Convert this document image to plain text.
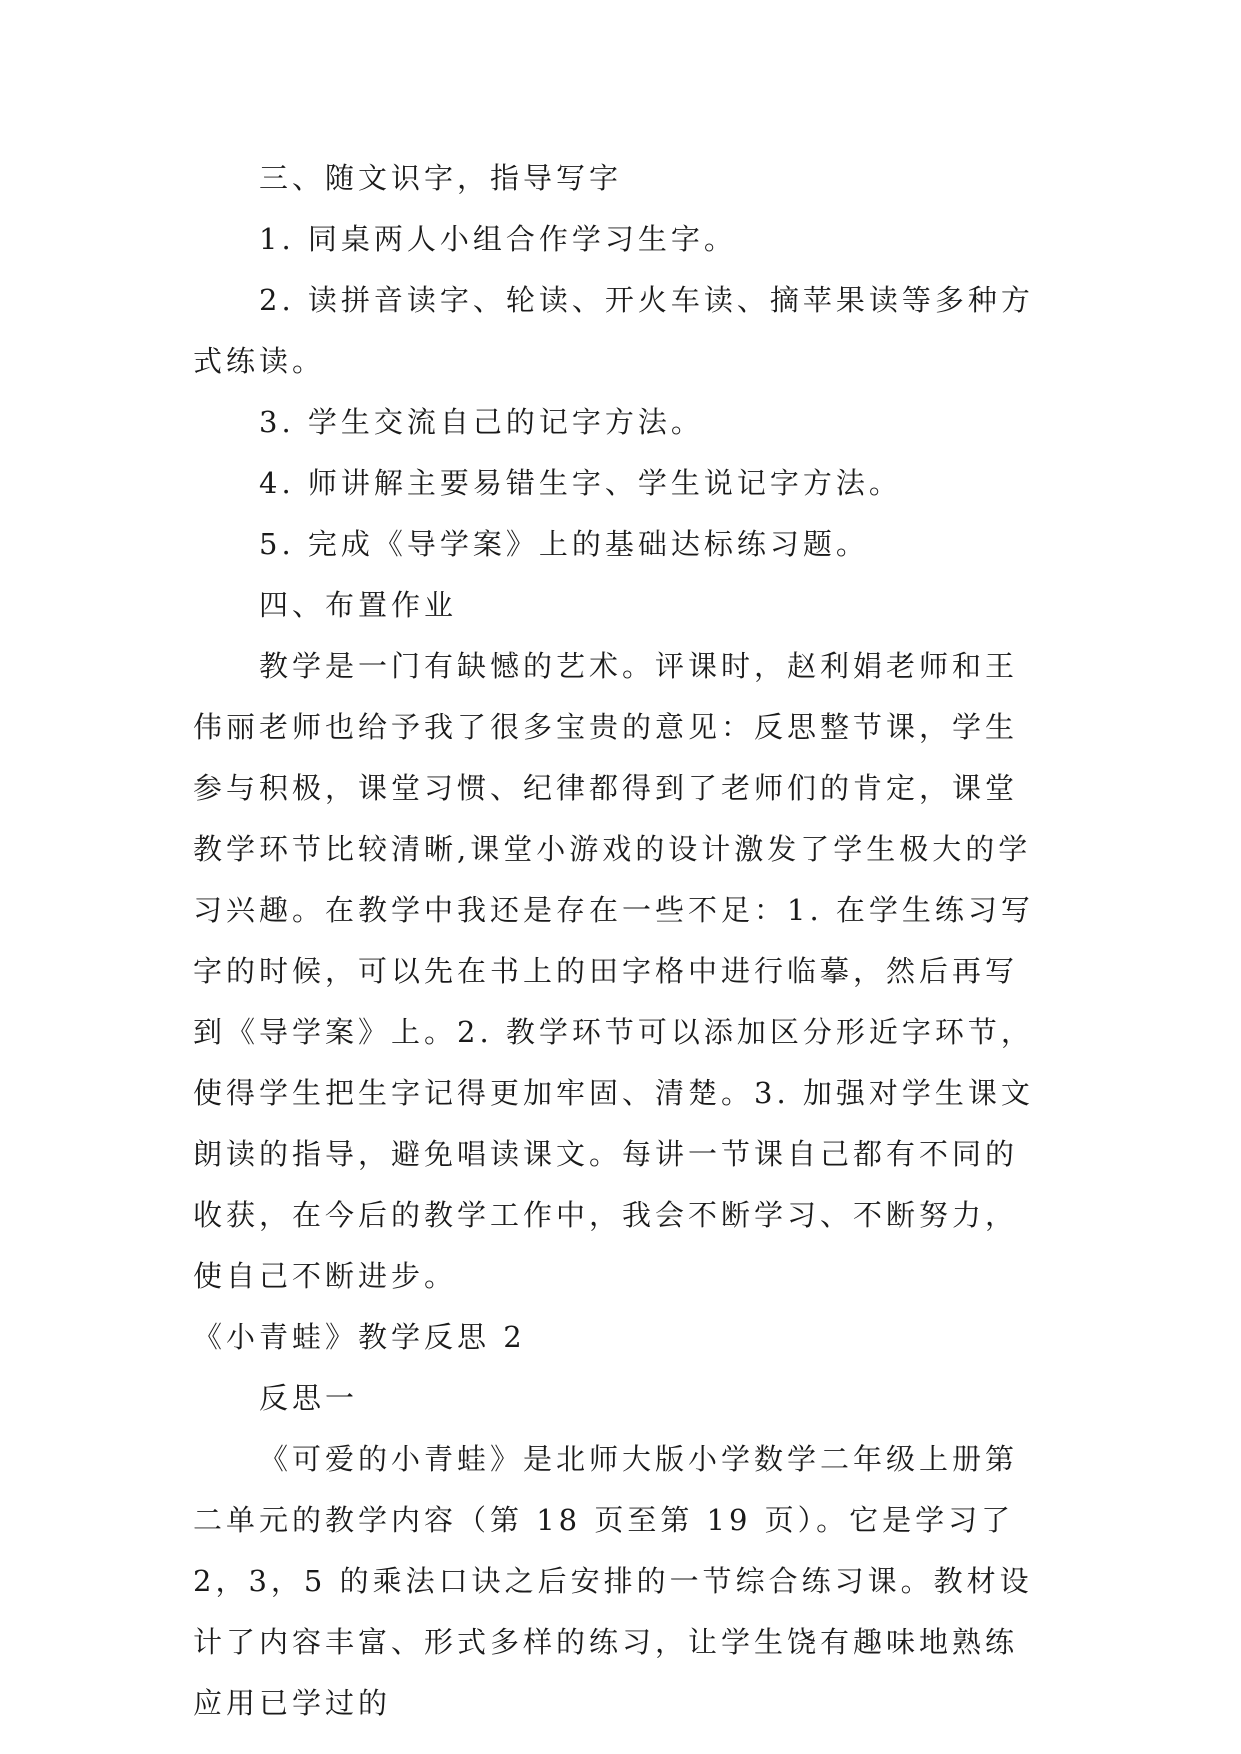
三、随文识字，指导写字

1. 同桌两人小组合作学习生字。

2. 读拼音读字、轮读、开火车读、摘苹果读等多种方式练读。

3. 学生交流自己的记字方法。

4. 师讲解主要易错生字、学生说记字方法。

5. 完成《导学案》上的基础达标练习题。

四、布置作业

教学是一门有缺憾的艺术。评课时，赵利娟老师和王伟丽老师也给予我了很多宝贵的意见：反思整节课，学生参与积极，课堂习惯、纪律都得到了老师们的肯定，课堂教学环节比较清晰,课堂小游戏的设计激发了学生极大的学习兴趣。在教学中我还是存在一些不足：1. 在学生练习写字的时候，可以先在书上的田字格中进行临摹，然后再写到《导学案》上。2. 教学环节可以添加区分形近字环节，使得学生把生字记得更加牢固、清楚。3. 加强对学生课文朗读的指导，避免唱读课文。每讲一节课自己都有不同的收获，在今后的教学工作中，我会不断学习、不断努力，使自己不断进步。

《小青蛙》教学反思 2

反思一

《可爱的小青蛙》是北师大版小学数学二年级上册第二单元的教学内容（第 18 页至第 19 页）。它是学习了 2，3，5 的乘法口诀之后安排的一节综合练习课。教材设计了内容丰富、形式多样的练习，让学生饶有趣味地熟练应用已学过的
